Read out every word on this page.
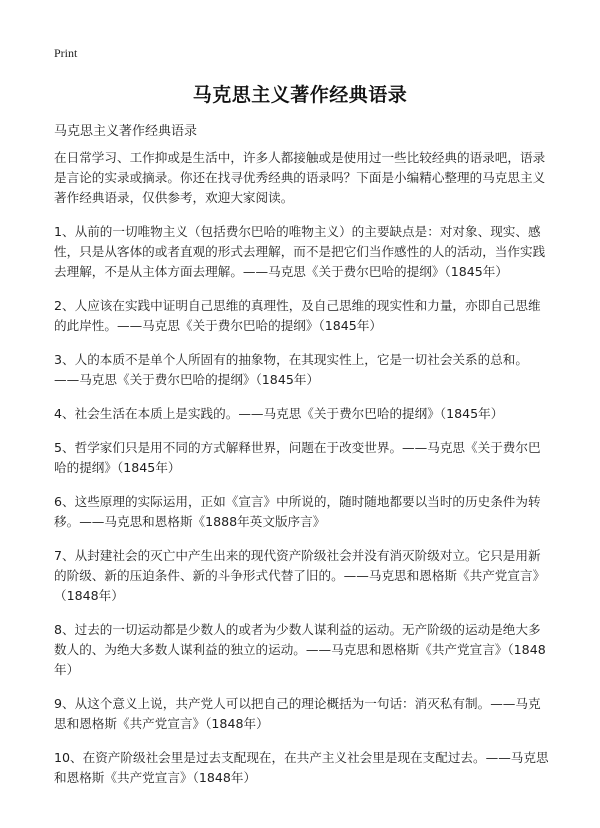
Print
马克思主义著作经典语录
马克思主义著作经典语录

在日常学习、工作抑或是生活中，许多人都接触或是使用过一些比较经典的语录吧，语录是言论的实录或摘录。你还在找寻优秀经典的语录吗？下面是小编精心整理的马克思主义著作经典语录，仅供参考，欢迎大家阅读。

1、从前的一切唯物主义（包括费尔巴哈的唯物主义）的主要缺点是：对对象、现实、感性，只是从客体的或者直观的形式去理解，而不是把它们当作感性的人的活动，当作实践去理解，不是从主体方面去理解。——马克思《关于费尔巴哈的提纲》（1845年）

2、人应该在实践中证明自己思维的真理性，及自己思维的现实性和力量，亦即自己思维的此岸性。——马克思《关于费尔巴哈的提纲》（1845年）

3、人的本质不是单个人所固有的抽象物，在其现实性上，它是一切社会关系的总和。——马克思《关于费尔巴哈的提纲》（1845年）

4、社会生活在本质上是实践的。——马克思《关于费尔巴哈的提纲》（1845年）

5、哲学家们只是用不同的方式解释世界，问题在于改变世界。——马克思《关于费尔巴哈的提纲》（1845年）

6、这些原理的实际运用，正如《宣言》中所说的，随时随地都要以当时的历史条件为转移。——马克思和恩格斯《1888年英文版序言》

7、从封建社会的灭亡中产生出来的现代资产阶级社会并没有消灭阶级对立。它只是用新的阶级、新的压迫条件、新的斗争形式代替了旧的。——马克思和恩格斯《共产党宣言》（1848年）

8、过去的一切运动都是少数人的或者为少数人谋利益的运动。无产阶级的运动是绝大多数人的、为绝大多数人谋利益的独立的运动。——马克思和恩格斯《共产党宣言》（1848年）

9、从这个意义上说，共产党人可以把自己的理论概括为一句话：消灭私有制。——马克思和恩格斯《共产党宣言》（1848年）

10、在资产阶级社会里是过去支配现在，在共产主义社会里是现在支配过去。——马克思和恩格斯《共产党宣言》（1848年）
